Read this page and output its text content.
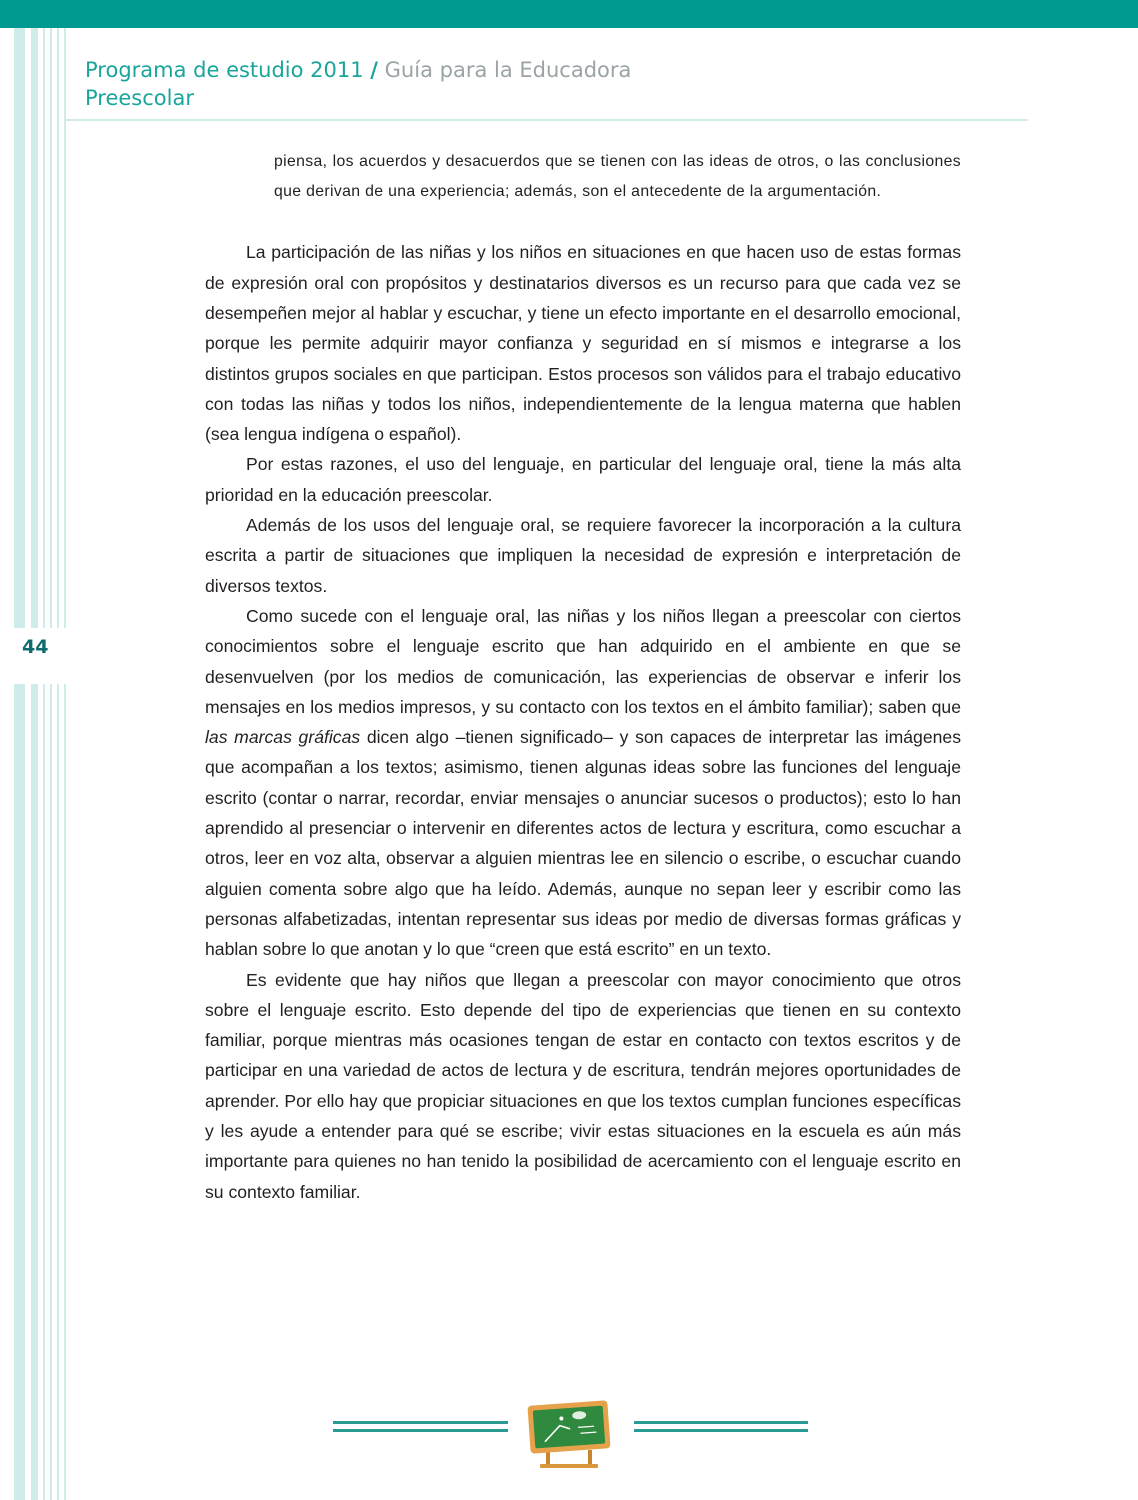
44
Programa de estudio 2011 / Guía para la Educadora
Preescolar

piensa, los acuerdos y desacuerdos que se tienen con las ideas de otros, o las conclusiones que derivan de una experiencia; además, son el antecedente de la argumentación.

La participación de las niñas y los niños en situaciones en que hacen uso de estas formas de expresión oral con propósitos y destinatarios diversos es un recurso para que cada vez se desempeñen mejor al hablar y escuchar, y tiene un efecto importante en el desarrollo emocional, porque les permite adquirir mayor confianza y seguridad en sí mismos e integrarse a los distintos grupos sociales en que participan. Estos procesos son válidos para el trabajo educativo con todas las niñas y todos los niños, independientemente de la lengua materna que hablen (sea lengua indígena o español).

Por estas razones, el uso del lenguaje, en particular del lenguaje oral, tiene la más alta prioridad en la educación preescolar.

Además de los usos del lenguaje oral, se requiere favorecer la incorporación a la cultura escrita a partir de situaciones que impliquen la necesidad de expresión e interpretación de diversos textos.

Como sucede con el lenguaje oral, las niñas y los niños llegan a preescolar con ciertos conocimientos sobre el lenguaje escrito que han adquirido en el ambiente en que se desenvuelven (por los medios de comunicación, las experiencias de observar e inferir los mensajes en los medios impresos, y su contacto con los textos en el ámbito familiar); saben que las marcas gráficas dicen algo –tienen significado– y son capaces de interpretar las imágenes que acompañan a los textos; asimismo, tienen algunas ideas sobre las funciones del lenguaje escrito (contar o narrar, recordar, enviar mensajes o anunciar sucesos o productos); esto lo han aprendido al presenciar o intervenir en diferentes actos de lectura y escritura, como escuchar a otros, leer en voz alta, observar a alguien mientras lee en silencio o escribe, o escuchar cuando alguien comenta sobre algo que ha leído. Además, aunque no sepan leer y escribir como las personas alfabetizadas, intentan representar sus ideas por medio de diversas formas gráficas y hablan sobre lo que anotan y lo que “creen que está escrito” en un texto.

Es evidente que hay niños que llegan a preescolar con mayor conocimiento que otros sobre el lenguaje escrito. Esto depende del tipo de experiencias que tienen en su contexto familiar, porque mientras más ocasiones tengan de estar en contacto con textos escritos y de participar en una variedad de actos de lectura y de escritura, tendrán mejores oportunidades de aprender. Por ello hay que propiciar situaciones en que los textos cumplan funciones específicas y les ayude a entender para qué se escribe; vivir estas situaciones en la escuela es aún más importante para quienes no han tenido la posibilidad de acercamiento con el lenguaje escrito en su contexto familiar.
